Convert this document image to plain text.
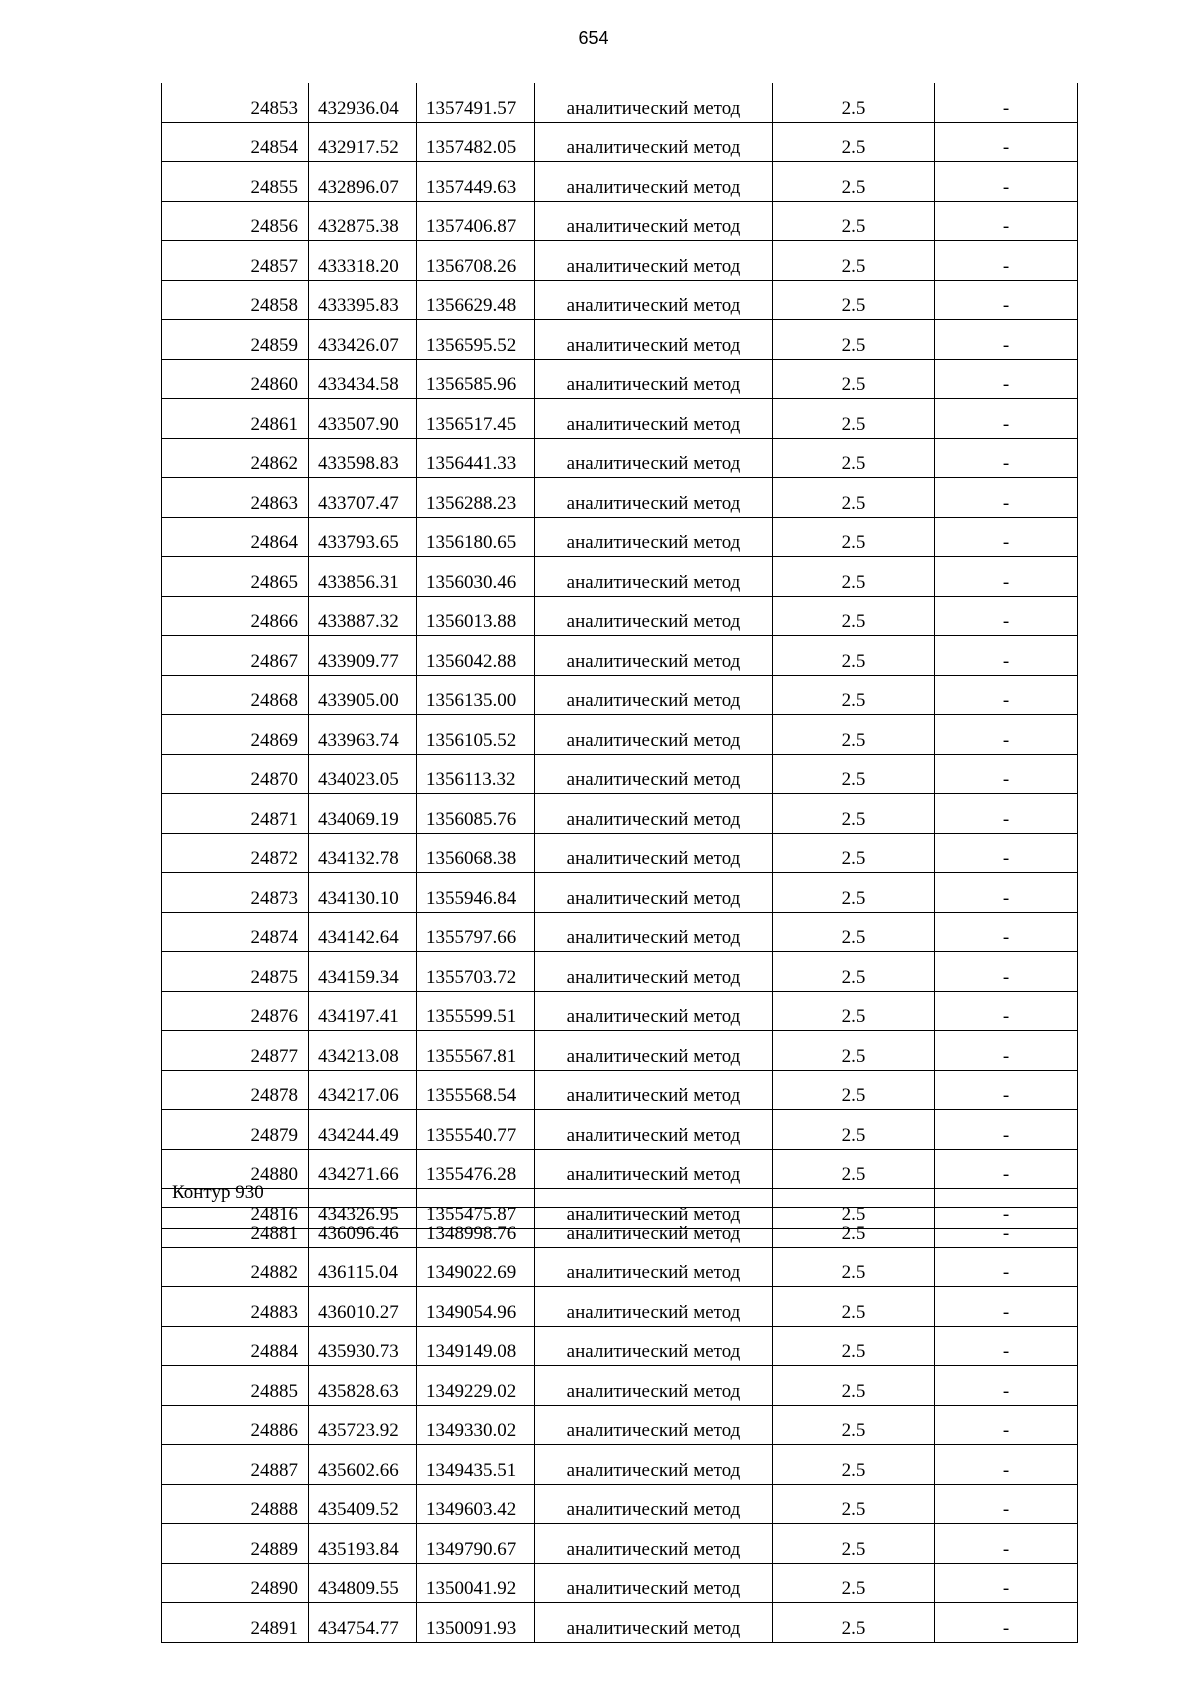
654
24853	432936.04	1357491.57	аналитический метод	2.5	-
24854	432917.52	1357482.05	аналитический метод	2.5	-
24855	432896.07	1357449.63	аналитический метод	2.5	-
24856	432875.38	1357406.87	аналитический метод	2.5	-
24857	433318.20	1356708.26	аналитический метод	2.5	-
24858	433395.83	1356629.48	аналитический метод	2.5	-
24859	433426.07	1356595.52	аналитический метод	2.5	-
24860	433434.58	1356585.96	аналитический метод	2.5	-
24861	433507.90	1356517.45	аналитический метод	2.5	-
24862	433598.83	1356441.33	аналитический метод	2.5	-
24863	433707.47	1356288.23	аналитический метод	2.5	-
24864	433793.65	1356180.65	аналитический метод	2.5	-
24865	433856.31	1356030.46	аналитический метод	2.5	-
24866	433887.32	1356013.88	аналитический метод	2.5	-
24867	433909.77	1356042.88	аналитический метод	2.5	-
24868	433905.00	1356135.00	аналитический метод	2.5	-
24869	433963.74	1356105.52	аналитический метод	2.5	-
24870	434023.05	1356113.32	аналитический метод	2.5	-
24871	434069.19	1356085.76	аналитический метод	2.5	-
24872	434132.78	1356068.38	аналитический метод	2.5	-
24873	434130.10	1355946.84	аналитический метод	2.5	-
24874	434142.64	1355797.66	аналитический метод	2.5	-
24875	434159.34	1355703.72	аналитический метод	2.5	-
24876	434197.41	1355599.51	аналитический метод	2.5	-
24877	434213.08	1355567.81	аналитический метод	2.5	-
24878	434217.06	1355568.54	аналитический метод	2.5	-
24879	434244.49	1355540.77	аналитический метод	2.5	-
24880	434271.66	1355476.28	аналитический метод	2.5	-
24816	434326.95	1355475.87	аналитический метод	2.5	-
Контур 930
24881	436096.46	1348998.76	аналитический метод	2.5	-
24882	436115.04	1349022.69	аналитический метод	2.5	-
24883	436010.27	1349054.96	аналитический метод	2.5	-
24884	435930.73	1349149.08	аналитический метод	2.5	-
24885	435828.63	1349229.02	аналитический метод	2.5	-
24886	435723.92	1349330.02	аналитический метод	2.5	-
24887	435602.66	1349435.51	аналитический метод	2.5	-
24888	435409.52	1349603.42	аналитический метод	2.5	-
24889	435193.84	1349790.67	аналитический метод	2.5	-
24890	434809.55	1350041.92	аналитический метод	2.5	-
24891	434754.77	1350091.93	аналитический метод	2.5	-
